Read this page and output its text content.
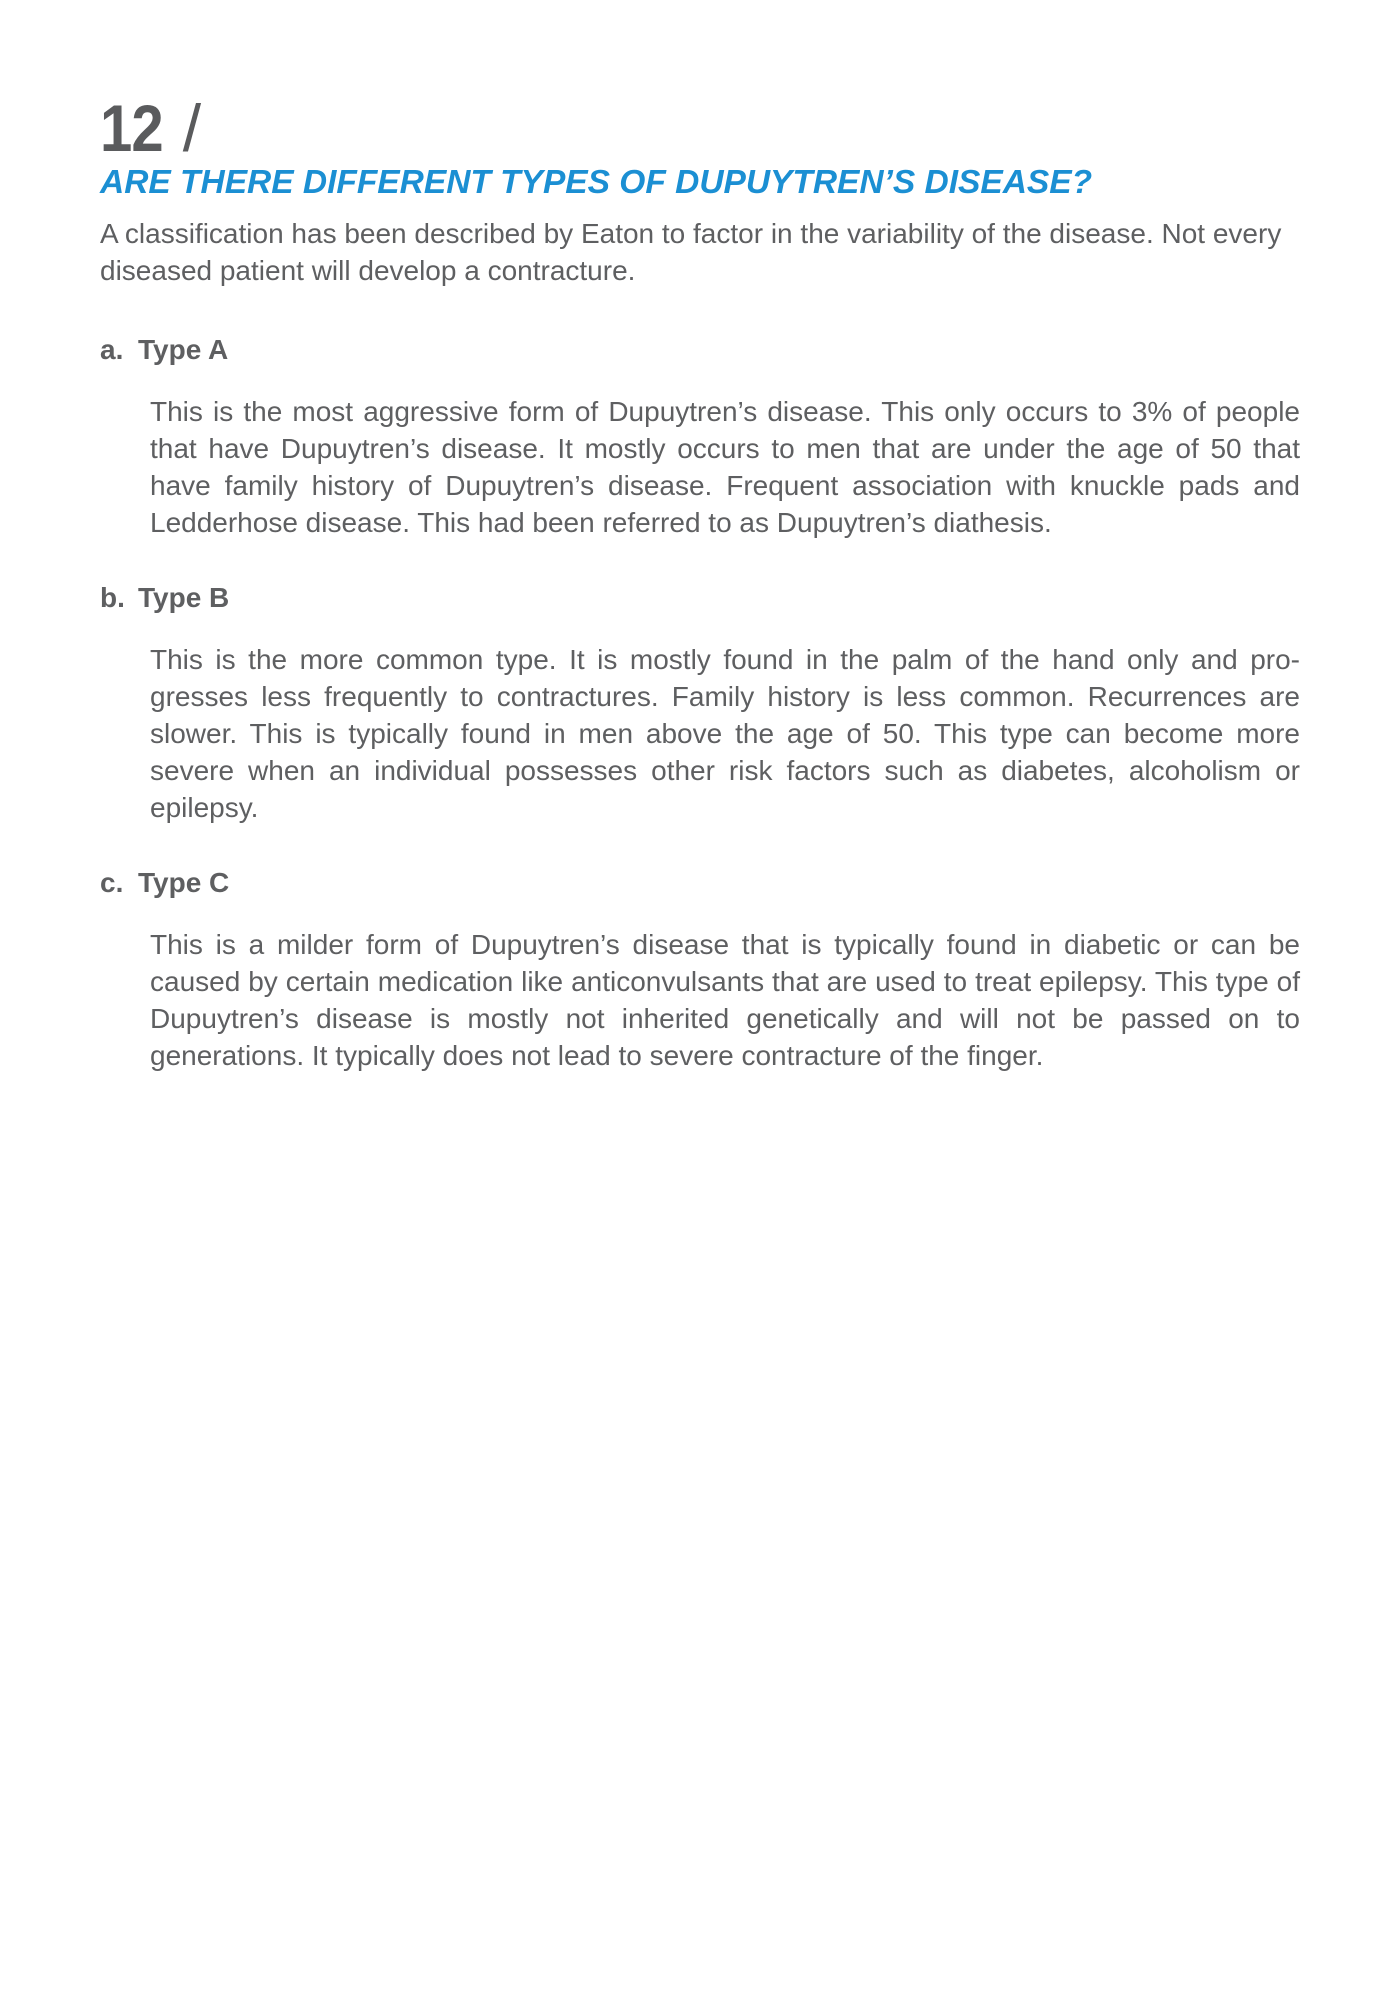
12 /
ARE THERE DIFFERENT TYPES OF DUPUYTREN’S DISEASE?

A classification has been described by Eaton to factor in the variability of the disease. Not every diseased patient will develop a contracture.

a. Type A

This is the most aggressive form of Dupuytren’s disease. This only occurs to 3% of people that have Dupuytren’s disease. It mostly occurs to men that are under the age of 50 that have family history of Dupuytren’s disease. Frequent association with knuckle pads and Ledderhose disease. This had been referred to as Dupuytren’s diathesis.

b. Type B

This is the more common type. It is mostly found in the palm of the hand only and progresses less frequently to contractures. Family history is less common. Recurrences are slower. This is typically found in men above the age of 50. This type can become more severe when an individual possesses other risk factors such as diabetes, alcoholism or epilepsy.

c. Type C

This is a milder form of Dupuytren’s disease that is typically found in diabetic or can be caused by certain medication like anticonvulsants that are used to treat epilepsy. This type of Dupuytren’s disease is mostly not inherited genetically and will not be passed on to generations. It typically does not lead to severe contracture of the finger.
